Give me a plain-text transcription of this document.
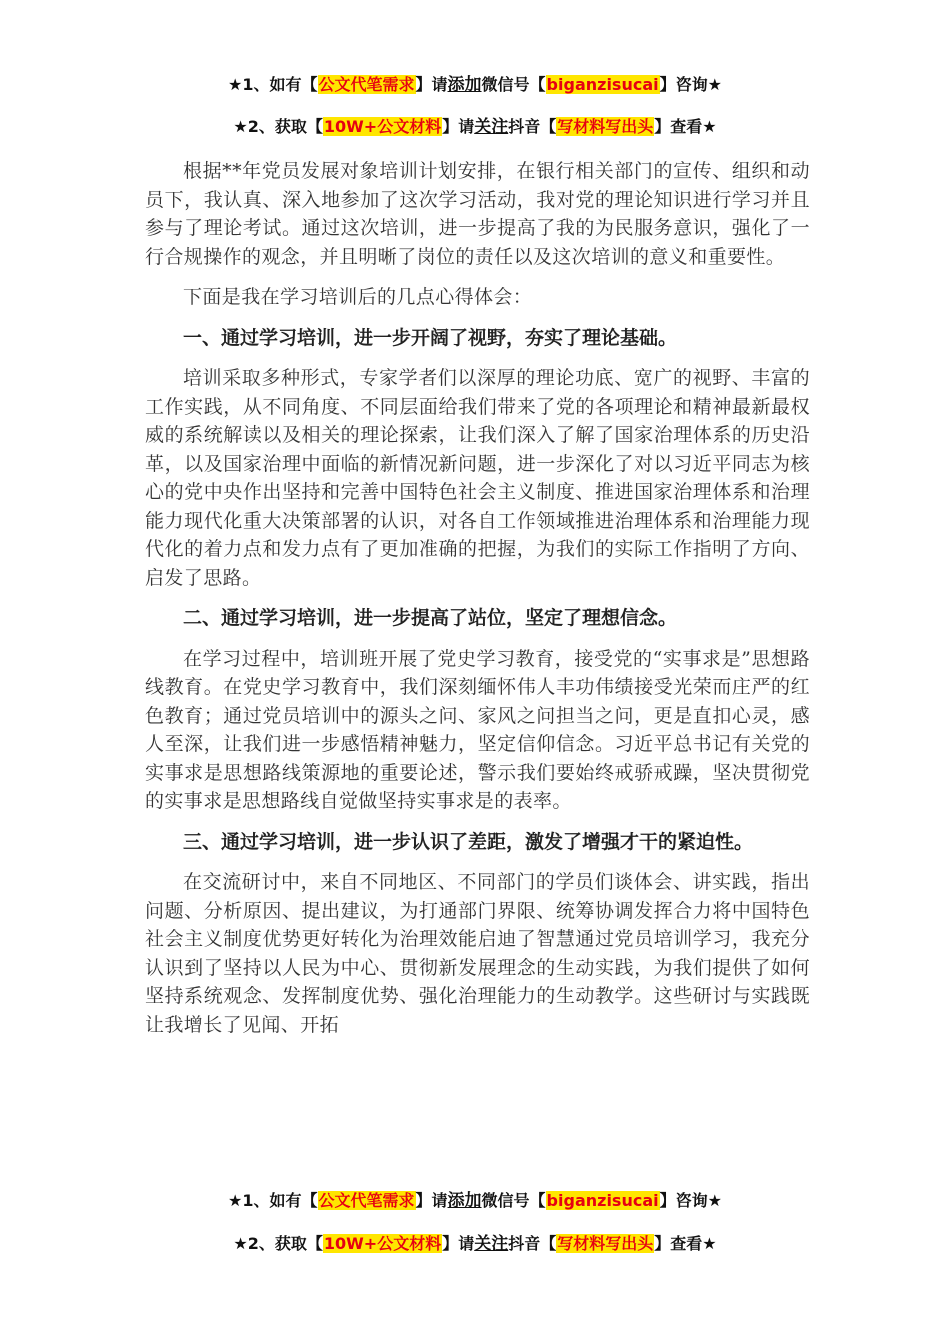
★1、如有【公文代笔需求】请添加微信号【biganzisucai】咨询★
★2、获取【10W+公文材料】请关注抖音【写材料写出头】查看★

根据**年党员发展对象培训计划安排，在银行相关部门的宣传、组织和动员下，我认真、深入地参加了这次学习活动，我对党的理论知识进行学习并且参与了理论考试。通过这次培训，进一步提高了我的为民服务意识，强化了一行合规操作的观念，并且明晰了岗位的责任以及这次培训的意义和重要性。

下面是我在学习培训后的几点心得体会：

一、通过学习培训，进一步开阔了视野，夯实了理论基础。

培训采取多种形式，专家学者们以深厚的理论功底、宽广的视野、丰富的工作实践，从不同角度、不同层面给我们带来了党的各项理论和精神最新最权威的系统解读以及相关的理论探索，让我们深入了解了国家治理体系的历史沿革，以及国家治理中面临的新情况新问题，进一步深化了对以习近平同志为核心的党中央作出坚持和完善中国特色社会主义制度、推进国家治理体系和治理能力现代化重大决策部署的认识，对各自工作领域推进治理体系和治理能力现代化的着力点和发力点有了更加准确的把握，为我们的实际工作指明了方向、启发了思路。

二、通过学习培训，进一步提高了站位，坚定了理想信念。

在学习过程中，培训班开展了党史学习教育，接受党的“实事求是”思想路线教育。在党史学习教育中，我们深刻缅怀伟人丰功伟绩接受光荣而庄严的红色教育；通过党员培训中的源头之问、家风之问担当之问，更是直扣心灵，感人至深，让我们进一步感悟精神魅力，坚定信仰信念。习近平总书记有关党的实事求是思想路线策源地的重要论述，警示我们要始终戒骄戒躁，坚决贯彻党的实事求是思想路线自觉做坚持实事求是的表率。

三、通过学习培训，进一步认识了差距，激发了增强才干的紧迫性。

在交流研讨中，来自不同地区、不同部门的学员们谈体会、讲实践，指出问题、分析原因、提出建议，为打通部门界限、统筹协调发挥合力将中国特色社会主义制度优势更好转化为治理效能启迪了智慧通过党员培训学习，我充分认识到了坚持以人民为中心、贯彻新发展理念的生动实践，为我们提供了如何坚持系统观念、发挥制度优势、强化治理能力的生动教学。这些研讨与实践既让我增长了见闻、开拓

★1、如有【公文代笔需求】请添加微信号【biganzisucai】咨询★
★2、获取【10W+公文材料】请关注抖音【写材料写出头】查看★
